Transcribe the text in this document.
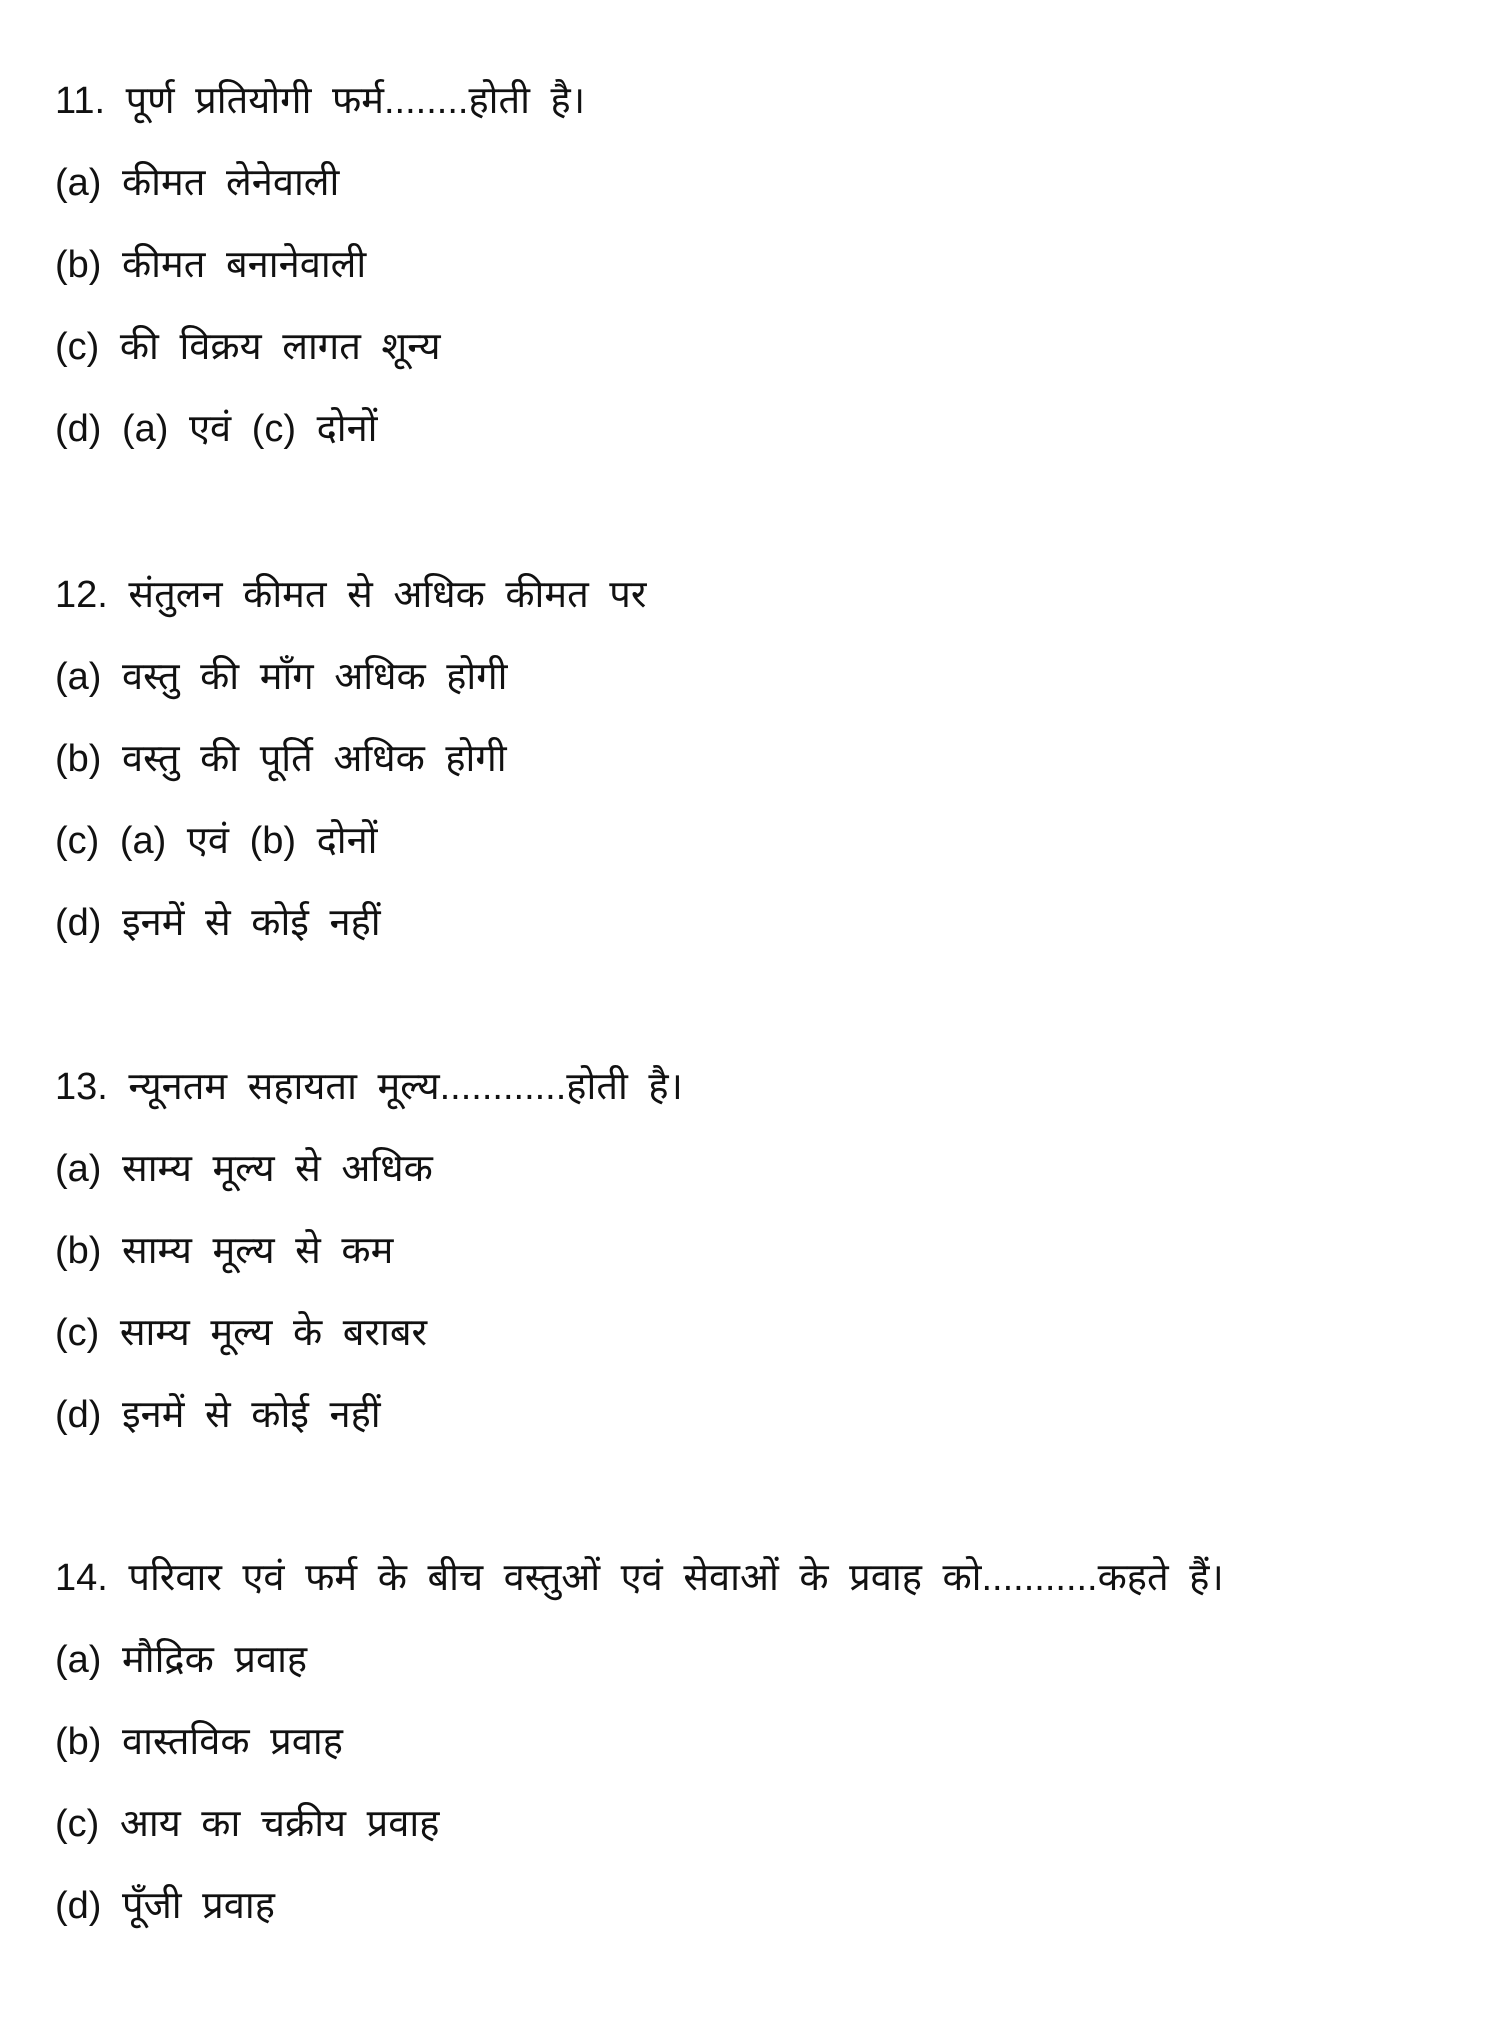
11. पूर्ण प्रतियोगी फर्म........होती है।
(a) कीमत लेनेवाली
(b) कीमत बनानेवाली
(c) की विक्रय लागत शून्य
(d) (a) एवं (c) दोनों
12. संतुलन कीमत से अधिक कीमत पर
(a) वस्तु की माँग अधिक होगी
(b) वस्तु की पूर्ति अधिक होगी
(c) (a) एवं (b) दोनों
(d) इनमें से कोई नहीं
13. न्यूनतम सहायता मूल्य............होती है।
(a) साम्य मूल्य से अधिक
(b) साम्य मूल्य से कम
(c) साम्य मूल्य के बराबर
(d) इनमें से कोई नहीं
14. परिवार एवं फर्म के बीच वस्तुओं एवं सेवाओं के प्रवाह को...........कहते हैं।
(a) मौद्रिक प्रवाह
(b) वास्तविक प्रवाह
(c) आय का चक्रीय प्रवाह
(d) पूँजी प्रवाह
